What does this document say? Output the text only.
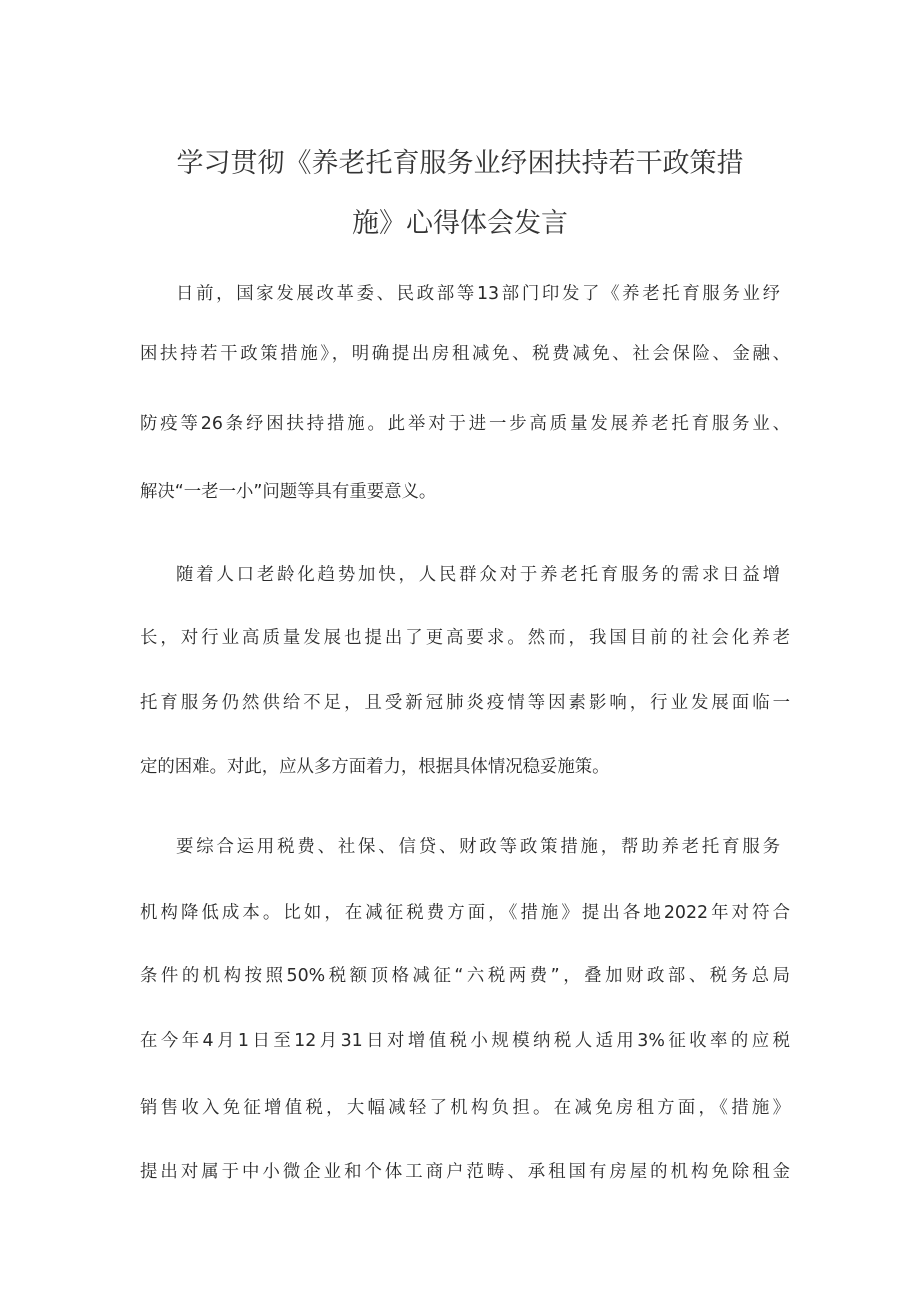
学习贯彻《养老托育服务业纾困扶持若干政策措
施》心得体会发言
日前，国家发展改革委、民政部等13部门印发了《养老托育服务业纾
困扶持若干政策措施》，明确提出房租减免、税费减免、社会保险、金融、
防疫等26条纾困扶持措施。此举对于进一步高质量发展养老托育服务业、
解决“一老一小”问题等具有重要意义。
随着人口老龄化趋势加快，人民群众对于养老托育服务的需求日益增
长，对行业高质量发展也提出了更高要求。然而，我国目前的社会化养老
托育服务仍然供给不足，且受新冠肺炎疫情等因素影响，行业发展面临一
定的困难。对此，应从多方面着力，根据具体情况稳妥施策。
要综合运用税费、社保、信贷、财政等政策措施，帮助养老托育服务
机构降低成本。比如，在减征税费方面，《措施》提出各地2022年对符合
条件的机构按照50%税额顶格减征“六税两费”，叠加财政部、税务总局
在今年4月1日至12月31日对增值税小规模纳税人适用3%征收率的应税
销售收入免征增值税，大幅减轻了机构负担。在减免房租方面，《措施》
提出对属于中小微企业和个体工商户范畴、承租国有房屋的机构免除租金
